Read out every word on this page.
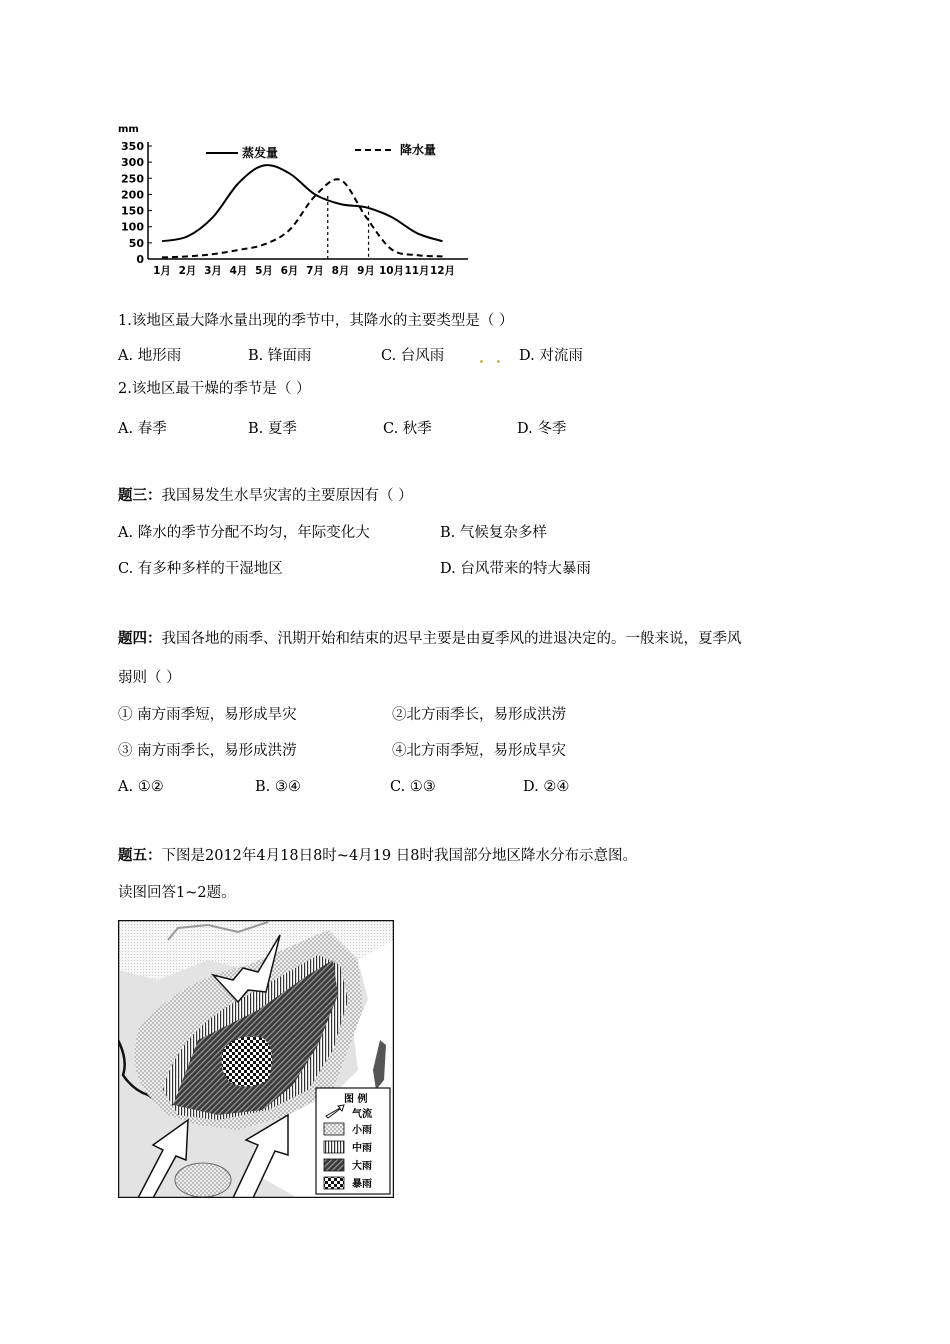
mm
0
50
100
150
200
250
300
350
1月 2月 3月 4月 5月 6月 7月 8月 9月 10月 11月 12月
蒸发量	降水量
1.该地区最大降水量出现的季节中，其降水的主要类型是（ ）
A. 地形雨	B. 锋面雨	C. 台风雨	D. 对流雨
2.该地区最干燥的季节是（ ）
A. 春季	B. 夏季	C. 秋季	D. 冬季
题三：我国易发生水旱灾害的主要原因有（ ）
A. 降水的季节分配不均匀，年际变化大	B. 气候复杂多样
C. 有多种多样的干湿地区	D. 台风带来的特大暴雨
题四：我国各地的雨季、汛期开始和结束的迟早主要是由夏季风的进退决定的。一般来说，夏季风
弱则（ ）
① 南方雨季短，易形成旱灾	②北方雨季长，易形成洪涝
③ 南方雨季长，易形成洪涝	④北方雨季短，易形成旱灾
A. ①②	B. ③④	C. ①③	D. ②④
题五：下图是2012年4月18日8时~4月19 日8时我国部分地区降水分布示意图。
读图回答1~2题。
图 例
气流
小雨
中雨
大雨
暴雨
